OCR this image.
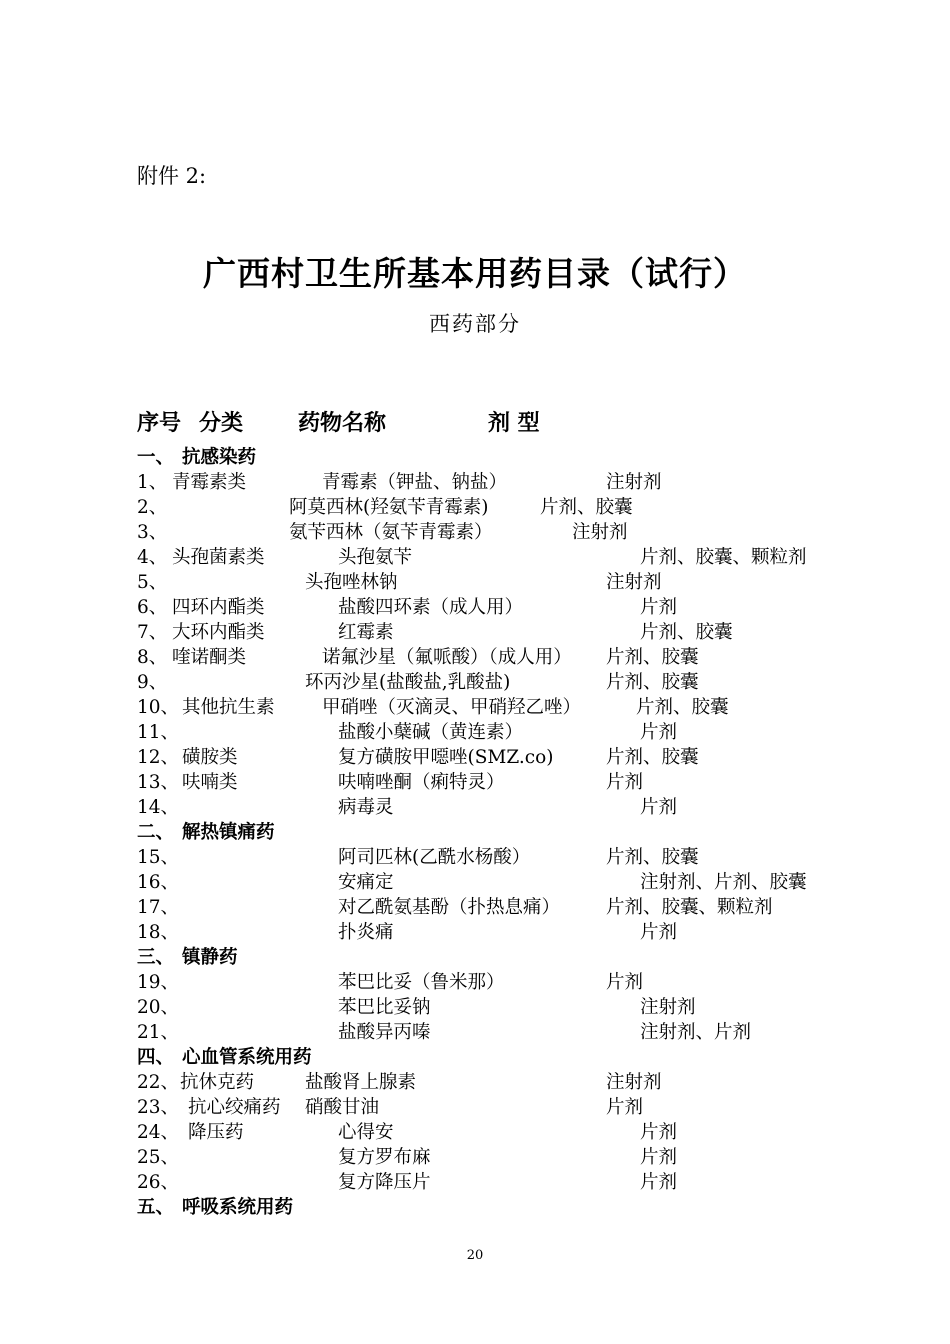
附件 2:
广西村卫生所基本用药目录（试行）
西药部分
序号 分类 药物名称	剂 型
一、 抗感染药
1、 青霉素类	青霉素（钾盐、钠盐）	注射剂
2、	阿莫西林(羟氨苄青霉素)	片剂、胶囊
3、	氨苄西林（氨苄青霉素）	注射剂
4、 头孢菌素类	头孢氨苄	片剂、胶囊、颗粒剂
5、	头孢唑林钠	注射剂
6、 四环内酯类	盐酸四环素（成人用）	片剂
7、 大环内酯类	红霉素	片剂、胶囊
8、 喹诺酮类	诺氟沙星（氟哌酸）（成人用） 片剂、胶囊
9、	环丙沙星(盐酸盐,乳酸盐)	片剂、胶囊
10、 其他抗生素	甲硝唑（灭滴灵、甲硝羟乙唑）	片剂、胶囊
11、	盐酸小蘖碱（黄连素）	片剂
12、 磺胺类	复方磺胺甲噁唑(SMZ.co)	片剂、胶囊
13、 呋喃类	呋喃唑酮（痢特灵）	片剂
14、	病毒灵	片剂
二、 解热镇痛药
15、	阿司匹林(乙酰水杨酸）	片剂、胶囊
16、	安痛定	注射剂、片剂、胶囊
17、	对乙酰氨基酚（扑热息痛） 片剂、胶囊、颗粒剂
18、	扑炎痛	片剂
三、 镇静药
19、	苯巴比妥（鲁米那）	片剂
20、	苯巴比妥钠	注射剂
21、	盐酸异丙嗪	注射剂、片剂
四、 心血管系统用药
22、 抗休克药	盐酸肾上腺素	注射剂
23、 抗心绞痛药 硝酸甘油	片剂
24、 降压药	心得安	片剂
25、	复方罗布麻	片剂
26、	复方降压片	片剂
五、 呼吸系统用药
20
